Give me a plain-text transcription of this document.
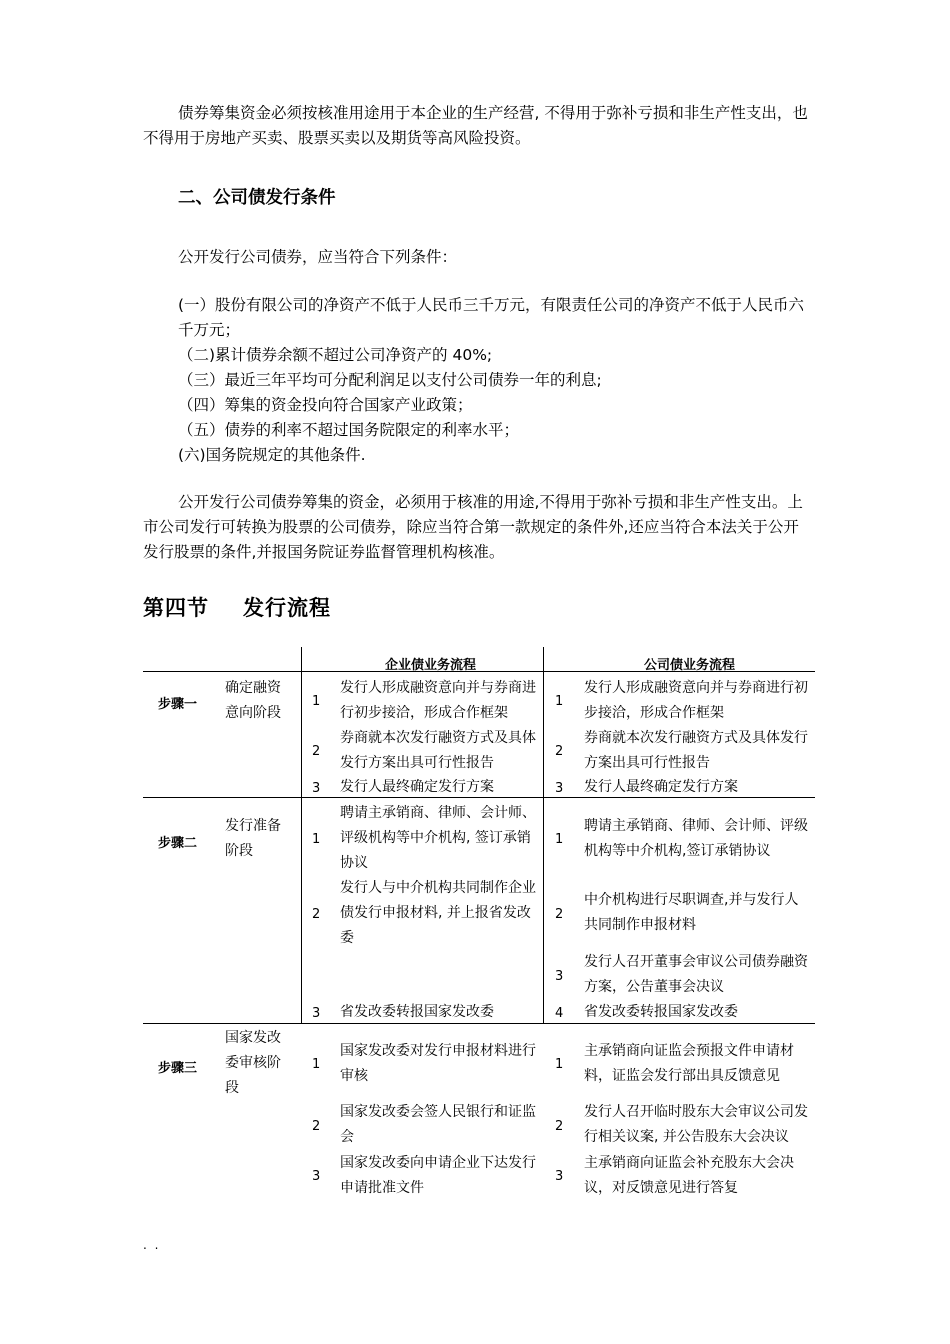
债券筹集资金必须按核准用途用于本企业的生产经营, 不得用于弥补亏损和非生产性支出，也不得用于房地产买卖、股票买卖以及期货等高风险投资。

二、公司债发行条件
公开发行公司债券，应当符合下列条件：

(一）股份有限公司的净资产不低于人民币三千万元，有限责任公司的净资产不低于人民币六千万元；

（二)累计债券余额不超过公司净资产的 40%;
（三）最近三年平均可分配利润足以支付公司债券一年的利息;
（四）筹集的资金投向符合国家产业政策；
（五）债券的利率不超过国务院限定的利率水平；
(六)国务院规定的其他条件.

公开发行公司债券筹集的资金，必须用于核准的用途,不得用于弥补亏损和非生产性支出。上市公司发行可转换为股票的公司债券，除应当符合第一款规定的条件外,还应当符合本法关于公开发行股票的条件,并报国务院证券监督管理机构核准。

第四节 发行流程
企业债业务流程	公司债业务流程
步骤一
确定融资意向阶段
1
发行人形成融资意向并与券商进行初步接洽，形成合作框架
2
券商就本次发行融资方式及具体发行方案出具可行性报告
3 发行人最终确定发行方案
1
发行人形成融资意向并与券商进行初步接洽，形成合作框架
2
券商就本次发行融资方式及具体发行方案出具可行性报告
3 发行人最终确定发行方案
步骤二
发行准备阶段
1
聘请主承销商、律师、会计师、评级机构等中介机构, 签订承销协议
2
发行人与中介机构共同制作企业债发行申报材料, 并上报省发改委
3 省发改委转报国家发改委
1
聘请主承销商、律师、会计师、评级机构等中介机构,签订承销协议
2
中介机构进行尽职调查,并与发行人共同制作申报材料
3
发行人召开董事会审议公司债券融资方案，公告董事会决议
4 省发改委转报国家发改委
步骤三
国家发改委审核阶段
1
国家发改委对发行申报材料进行审核
2
国家发改委会签人民银行和证监会
3
国家发改委向申请企业下达发行申请批准文件
1
主承销商向证监会预报文件申请材料，证监会发行部出具反馈意见
2
发行人召开临时股东大会审议公司发行相关议案, 并公告股东大会决议
3
主承销商向证监会补充股东大会决议，对反馈意见进行答复
. .
